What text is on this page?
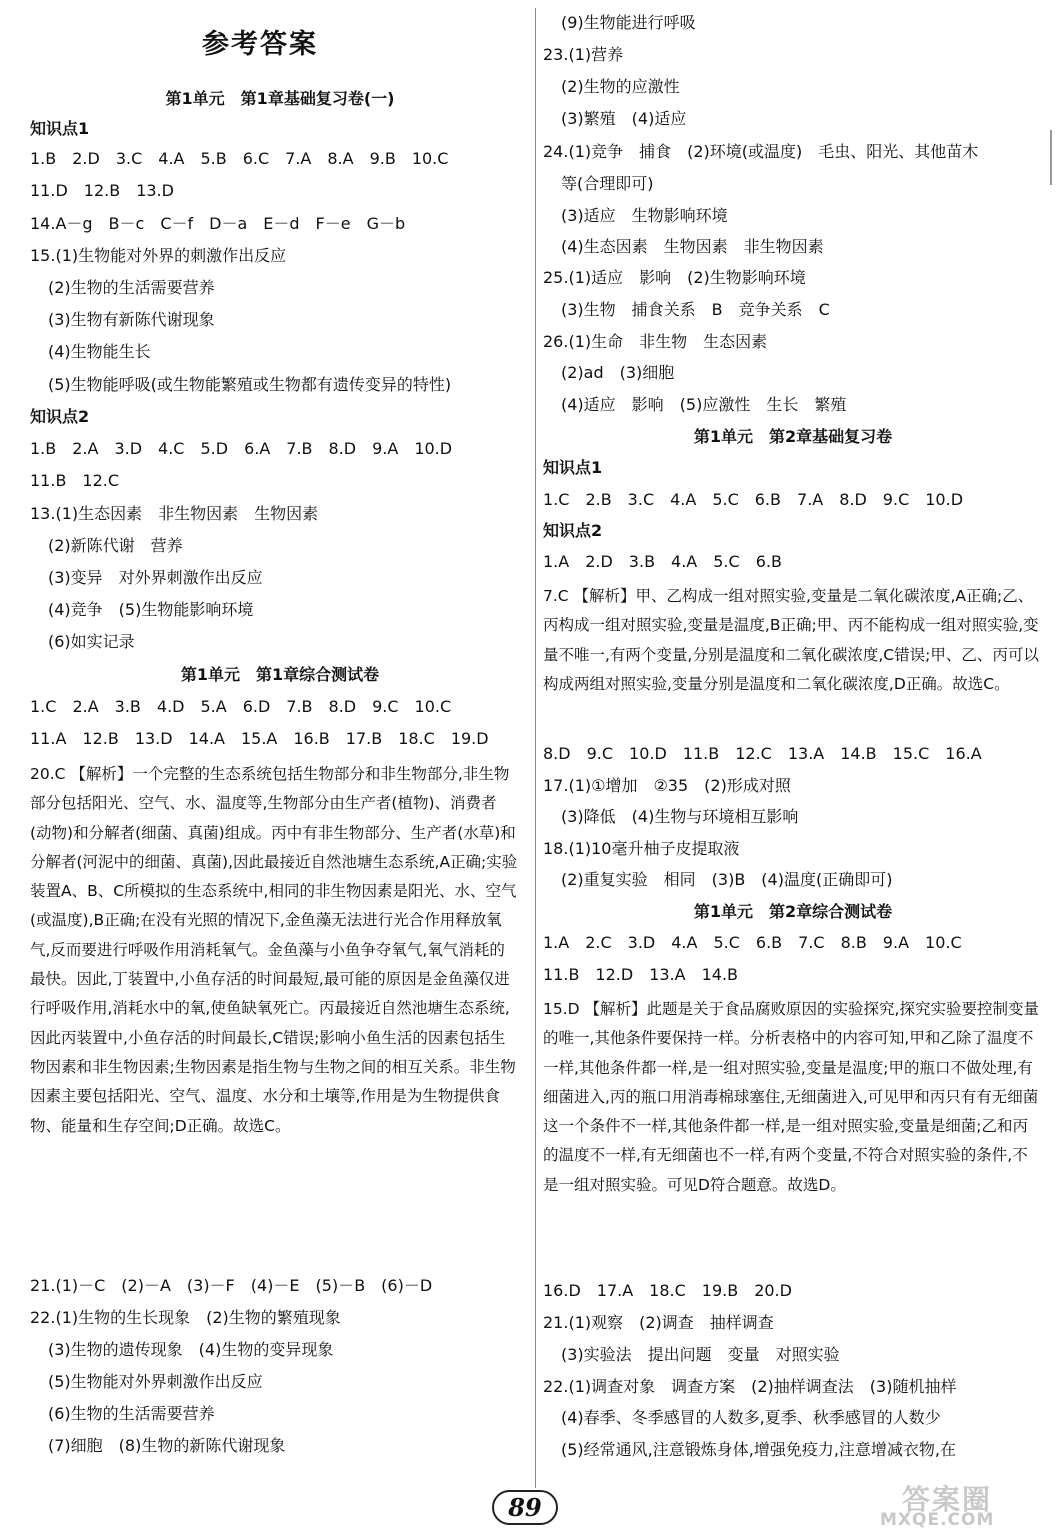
参考答案
20.C 【解析】一个完整的生态系统包括生物部分和非生物部分,非生物部分包括阳光、空气、水、温度等,生物部分由生产者(植物)、消费者(动物)和分解者(细菌、真菌)组成。丙中有非生物部分、生产者(水草)和分解者(河泥中的细菌、真菌),因此最接近自然池塘生态系统,A正确;实验装置A、B、C所模拟的生态系统中,相同的非生物因素是阳光、水、空气(或温度),B正确;在没有光照的情况下,金鱼藻无法进行光合作用释放氧气,反而要进行呼吸作用消耗氧气。金鱼藻与小鱼争夺氧气,氧气消耗的最快。因此,丁装置中,小鱼存活的时间最短,最可能的原因是金鱼藻仅进行呼吸作用,消耗水中的氧,使鱼缺氧死亡。丙最接近自然池塘生态系统,因此丙装置中,小鱼存活的时间最长,C错误;影响小鱼生活的因素包括生物因素和非生物因素;生物因素是指生物与生物之间的相互关系。非生物因素主要包括阳光、空气、温度、水分和土壤等,作用是为生物提供食物、能量和生存空间;D正确。故选C。
第1单元　第1章基础复习卷(一)
知识点1
1.B　2.D　3.C　4.A　5.B　6.C　7.A　8.A　9.B　10.C
11.D　12.B　13.D
14.A－g　B－c　C－f　D－a　E－d　F－e　G－b
15.(1)生物能对外界的刺激作出反应
(2)生物的生活需要营养
(3)生物有新陈代谢现象
(4)生物能生长
(5)生物能呼吸(或生物能繁殖或生物都有遗传变异的特性)
知识点2
1.B　2.A　3.D　4.C　5.D　6.A　7.B　8.D　9.A　10.D
11.B　12.C
13.(1)生态因素　非生物因素　生物因素
(2)新陈代谢　营养
(3)变异　对外界刺激作出反应
(4)竞争　(5)生物能影响环境
(6)如实记录
第1单元　第1章综合测试卷
1.C　2.A　3.B　4.D　5.A　6.D　7.B　8.D　9.C　10.C
11.A　12.B　13.D　14.A　15.A　16.B　17.B　18.C　19.D
21.(1)－C　(2)－A　(3)－F　(4)－E　(5)－B　(6)－D
22.(1)生物的生长现象　(2)生物的繁殖现象
(3)生物的遗传现象　(4)生物的变异现象
(5)生物能对外界刺激作出反应
(6)生物的生活需要营养
(7)细胞　(8)生物的新陈代谢现象
7.C 【解析】甲、乙构成一组对照实验,变量是二氧化碳浓度,A正确;乙、丙构成一组对照实验,变量是温度,B正确;甲、丙不能构成一组对照实验,变量不唯一,有两个变量,分别是温度和二氧化碳浓度,C错误;甲、乙、丙可以构成两组对照实验,变量分别是温度和二氧化碳浓度,D正确。故选C。
15.D 【解析】此题是关于食品腐败原因的实验探究,探究实验要控制变量的唯一,其他条件要保持一样。分析表格中的内容可知,甲和乙除了温度不一样,其他条件都一样,是一组对照实验,变量是温度;甲的瓶口不做处理,有细菌进入,丙的瓶口用消毒棉球塞住,无细菌进入,可见甲和丙只有有无细菌这一个条件不一样,其他条件都一样,是一组对照实验,变量是细菌;乙和丙的温度不一样,有无细菌也不一样,有两个变量,不符合对照实验的条件,不是一组对照实验。可见D符合题意。故选D。
(9)生物能进行呼吸
23.(1)营养
(2)生物的应激性
(3)繁殖　(4)适应
24.(1)竞争　捕食　(2)环境(或温度)　毛虫、阳光、其他苗木
等(合理即可)
(3)适应　生物影响环境
(4)生态因素　生物因素　非生物因素
25.(1)适应　影响　(2)生物影响环境
(3)生物　捕食关系　B　竞争关系　C
26.(1)生命　非生物　生态因素
(2)ad　(3)细胞
(4)适应　影响　(5)应激性　生长　繁殖
第1单元　第2章基础复习卷
知识点1
1.C　2.B　3.C　4.A　5.C　6.B　7.A　8.D　9.C　10.D
知识点2
1.A　2.D　3.B　4.A　5.C　6.B
8.D　9.C　10.D　11.B　12.C　13.A　14.B　15.C　16.A
17.(1)①增加　②35　(2)形成对照
(3)降低　(4)生物与环境相互影响
18.(1)10毫升柚子皮提取液
(2)重复实验　相同　(3)B　(4)温度(正确即可)
第1单元　第2章综合测试卷
1.A　2.C　3.D　4.A　5.C　6.B　7.C　8.B　9.A　10.C
11.B　12.D　13.A　14.B
16.D　17.A　18.C　19.B　20.D
21.(1)观察　(2)调查　抽样调查
(3)实验法　提出问题　变量　对照实验
22.(1)调查对象　调查方案　(2)抽样调查法　(3)随机抽样
(4)春季、冬季感冒的人数多,夏季、秋季感冒的人数少
(5)经常通风,注意锻炼身体,增强免疫力,注意增减衣物,在
89	答案圈
MXQE.COM
